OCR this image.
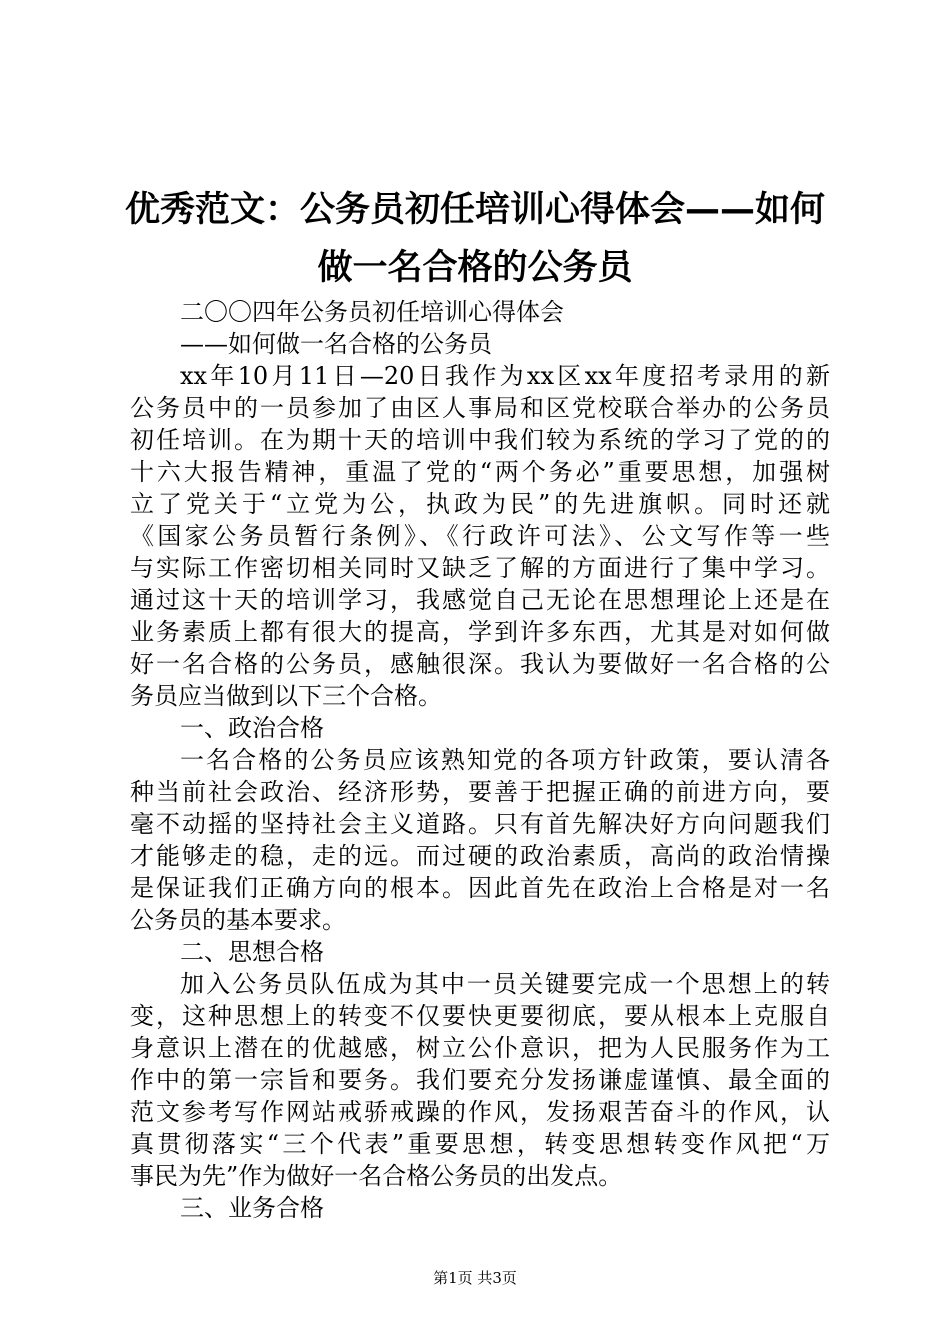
优秀范文：公务员初任培训心得体会——如何
做一名合格的公务员
二〇〇四年公务员初任培训心得体会
——如何做一名合格的公务员
xx年10月11日—20日我作为xx区xx年度招考录用的新
公务员中的一员参加了由区人事局和区党校联合举办的公务员
初任培训。在为期十天的培训中我们较为系统的学习了党的的
十六大报告精神，重温了党的“两个务必”重要思想，加强树
立了党关于“立党为公，执政为民”的先进旗帜。同时还就
《国家公务员暂行条例》、《行政许可法》、公文写作等一些
与实际工作密切相关同时又缺乏了解的方面进行了集中学习。
通过这十天的培训学习，我感觉自己无论在思想理论上还是在
业务素质上都有很大的提高，学到许多东西，尤其是对如何做
好一名合格的公务员，感触很深。我认为要做好一名合格的公
务员应当做到以下三个合格。
一、政治合格
一名合格的公务员应该熟知党的各项方针政策，要认清各
种当前社会政治、经济形势，要善于把握正确的前进方向，要
毫不动摇的坚持社会主义道路。只有首先解决好方向问题我们
才能够走的稳，走的远。而过硬的政治素质，高尚的政治情操
是保证我们正确方向的根本。因此首先在政治上合格是对一名
公务员的基本要求。
二、思想合格
加入公务员队伍成为其中一员关键要完成一个思想上的转
变，这种思想上的转变不仅要快更要彻底，要从根本上克服自
身意识上潜在的优越感，树立公仆意识，把为人民服务作为工
作中的第一宗旨和要务。我们要充分发扬谦虚谨慎、最全面的
范文参考写作网站戒骄戒躁的作风，发扬艰苦奋斗的作风，认
真贯彻落实“三个代表”重要思想，转变思想转变作风把“万
事民为先”作为做好一名合格公务员的出发点。
三、业务合格
第1页 共3页
